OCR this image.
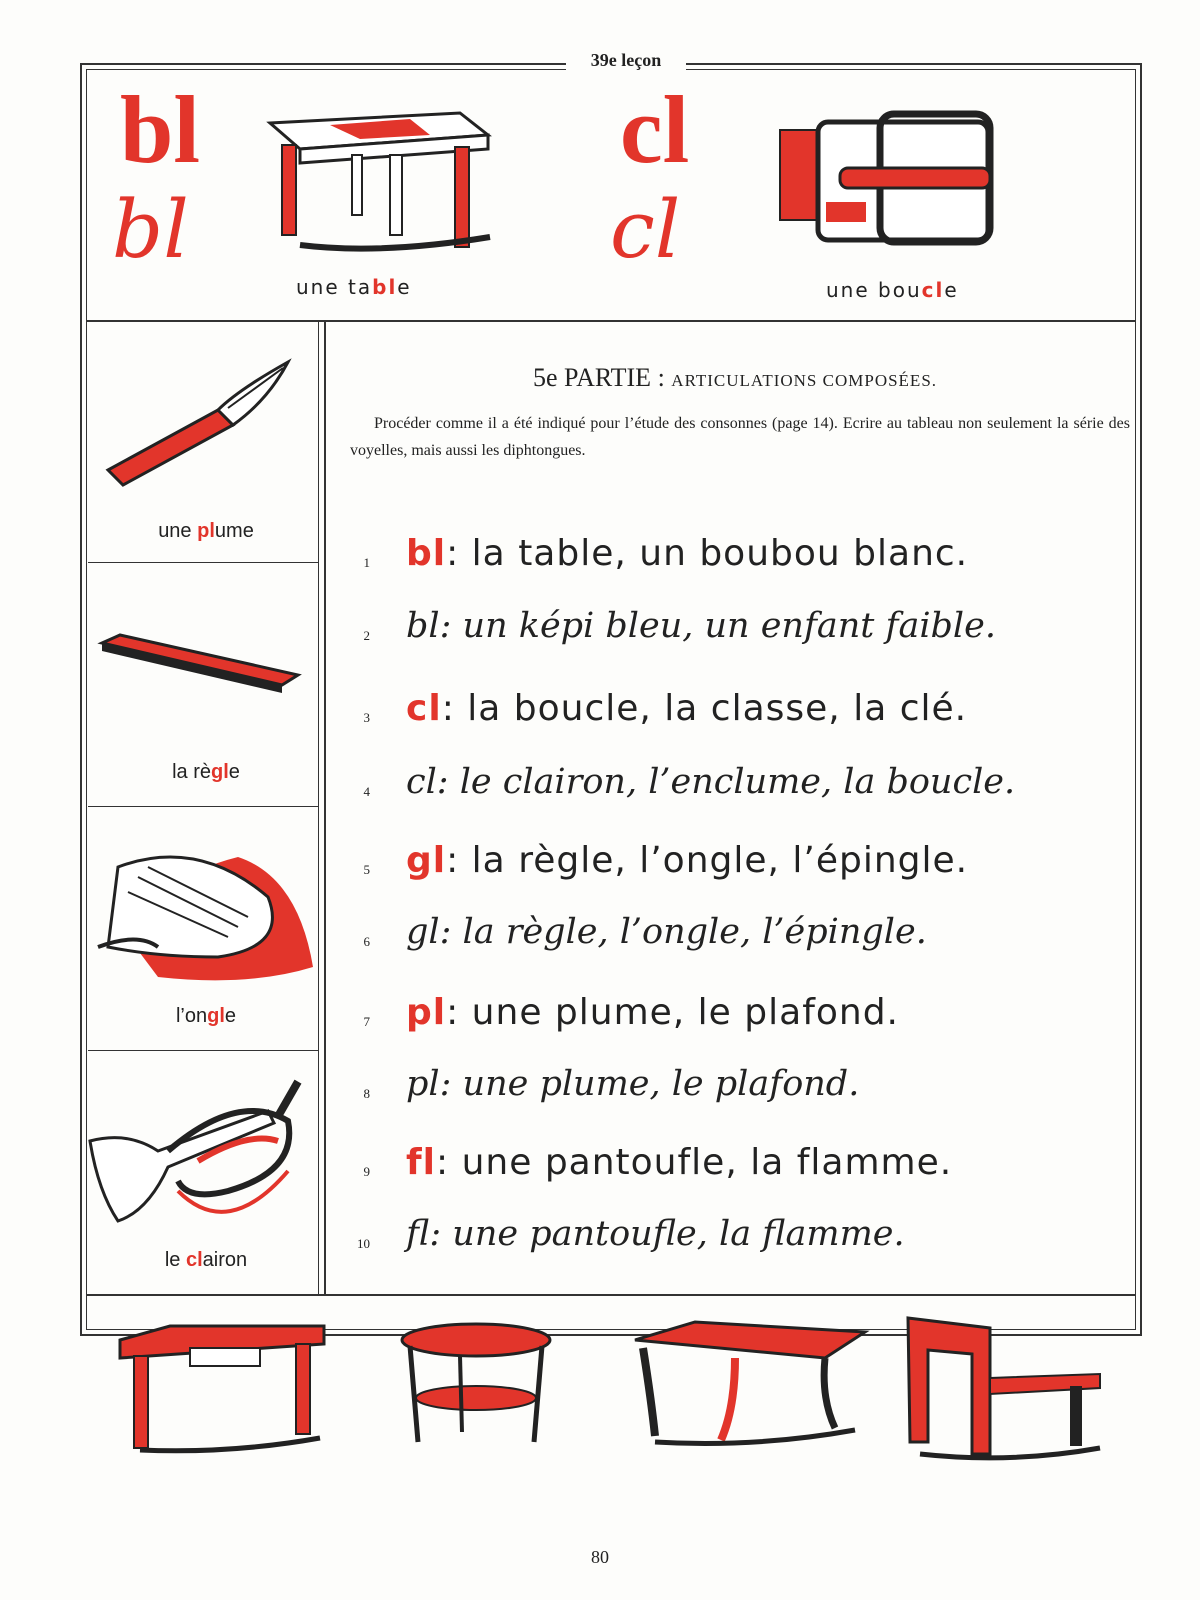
39e leçon
bl
bl
une table
cl
cl
une boucle
une plume
la règle
l’ongle
le clairon
5e PARTIE : ARTICULATIONS COMPOSÉES.
Procéder comme il a été indiqué pour l’étude des consonnes (page 14). Ecrire au tableau non seulement la série des voyelles, mais aussi les diphtongues.
1 bl: la table, un boubou blanc.
2 bl: un képi bleu, un enfant faible.
3 cl: la boucle, la classe, la clé.
4 cl: le clairon, l’enclume, la boucle.
5 gl: la règle, l’ongle, l’épingle.
6 gl: la règle, l’ongle, l’épingle.
7 pl: une plume, le plafond.
8 pl: une plume, le plafond.
9 fl: une pantoufle, la flamme.
10 fl: une pantoufle, la flamme.
80
